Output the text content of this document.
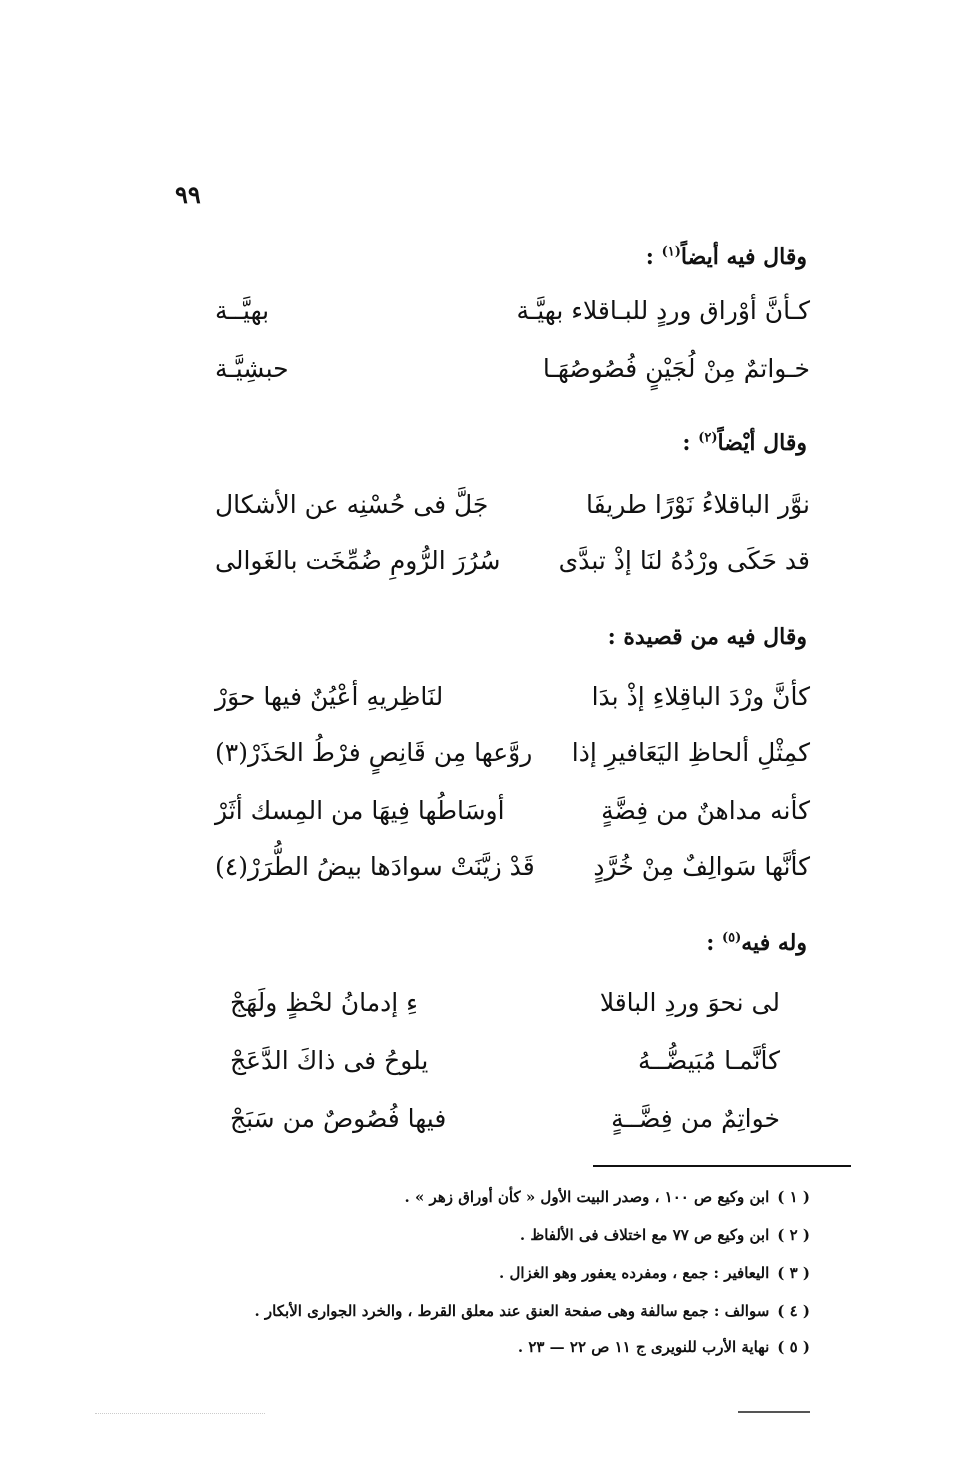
٩٩
وقال فيه أيضاً$^{(١)}$ :
كـأنَّ أوْراق وردٍ للبـاقلاء بهيَّـة
بهيَّــة
خـواتمٌ مِنْ لُجَيْنٍ فُصُوصُهَـا
حبشِيَّـة
وقال أيْضاً$^{(٢)}$ :
نوَّر الباقلاءُ نَوْرًا طريفَا
جَلَّ فى حُسْنِه عن الأشكال
قد حَكَى ورْدُهُ لنَا إذْ تبدَّى
سُرُرَ الرُّومِ ضُمِّخَت بالغَوالى
وقال فيه من قصيدة :
كأنَّ ورْدَ الباقِلاءِ إذْ بدَا
لنَاظِريهِ أعْيُنٌ فيها حوَرْ
كمِثْلِ ألحاظِ اليَعَافيرِ إذا
روَّعها مِن قَانِصٍ فرْطُ الحَذَرْ(٣)
كأنه مداهنٌ من فِضَّةٍ
أوسَاطُها فِيهَا من المِسك أثَرْ
كأنَّها سَوالِفٌ مِنْ خُرَّدٍ
قَدْ زيَّنَتْ سوادَها بيضُ الطُّرَرْ(٤)
وله فيه$^{(٥)}$ :
لى نحوَ وردِ الباقلا
ءِ إدمانُ لحْظٍ ولَهَجْ
كأنَّمـا مُبَيضُّــهُ
يلوحُ فى ذاكَ الدَّعَجْ
خواتِمٌ من فِضَّــةٍ
فيها فُصُوصٌ من سَبَجْ
( ١ )ابن وكيع ص ١٠٠ ، وصدر البيت الأول « كأن أوراق زهر » .
( ٢ )ابن وكيع ص ٧٧ مع اختلاف فى الألفاظ .
( ٣ )اليعافير : جمع ، ومفرده يعفور وهو الغزال .
( ٤ )سوالف : جمع سالفة وهى صفحة العنق عند معلق القرط ، والخرد الجوارى الأبكار .
( ٥ )نهاية الأرب للنويرى ج ١١ ص ٢٢ — ٢٣ .
